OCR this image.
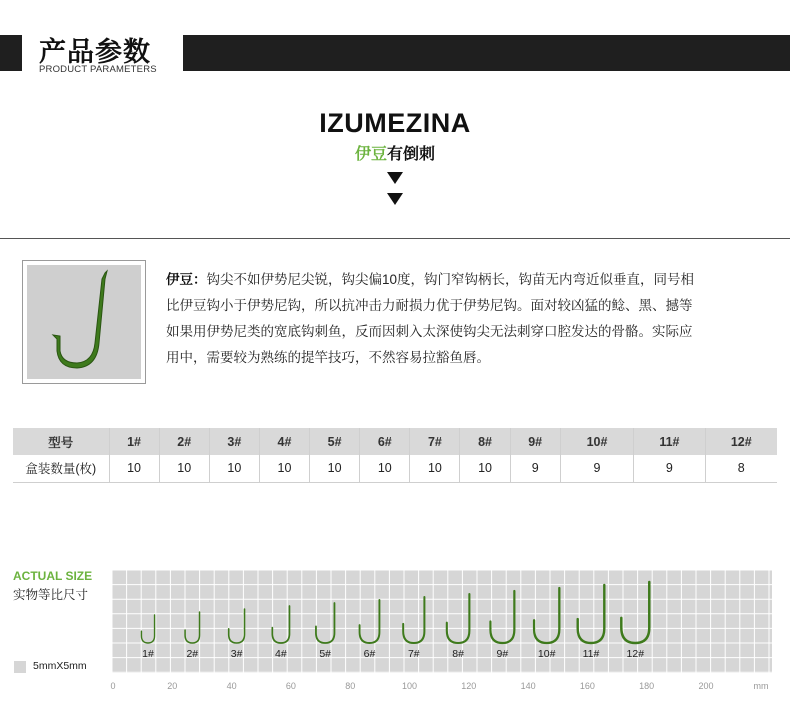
产品参数
PRODUCT PARAMETERS
IZUMEZINA
伊豆有倒刺
伊豆：钩尖不如伊势尼尖锐，钩尖偏10度，钩门窄钩柄长，钩苗无内弯近似垂直，同号相
比伊豆钩小于伊势尼钩，所以抗冲击力耐损力优于伊势尼钩。面对较凶猛的鲶、黑、撼等
如果用伊势尼类的宽底钩刺鱼，反而因刺入太深使钩尖无法刺穿口腔发达的骨骼。实际应
用中，需要较为熟练的提竿技巧，不然容易拉豁鱼唇。
型号	1#	2#	3#	4#	5#	6#	7#	8#	9#	10#	11#	12#
盒装数量(枚)	10	10	10	10	10	10	10	10	9	9	9	8
ACTUAL SIZE
实物等比尺寸
5mmX5mm
1#	2#	3#	4#	5#	6#	7#	8#	9#	10#	11#	12#
0	20	40	60	80	100	120	140	160	180	200	mm
